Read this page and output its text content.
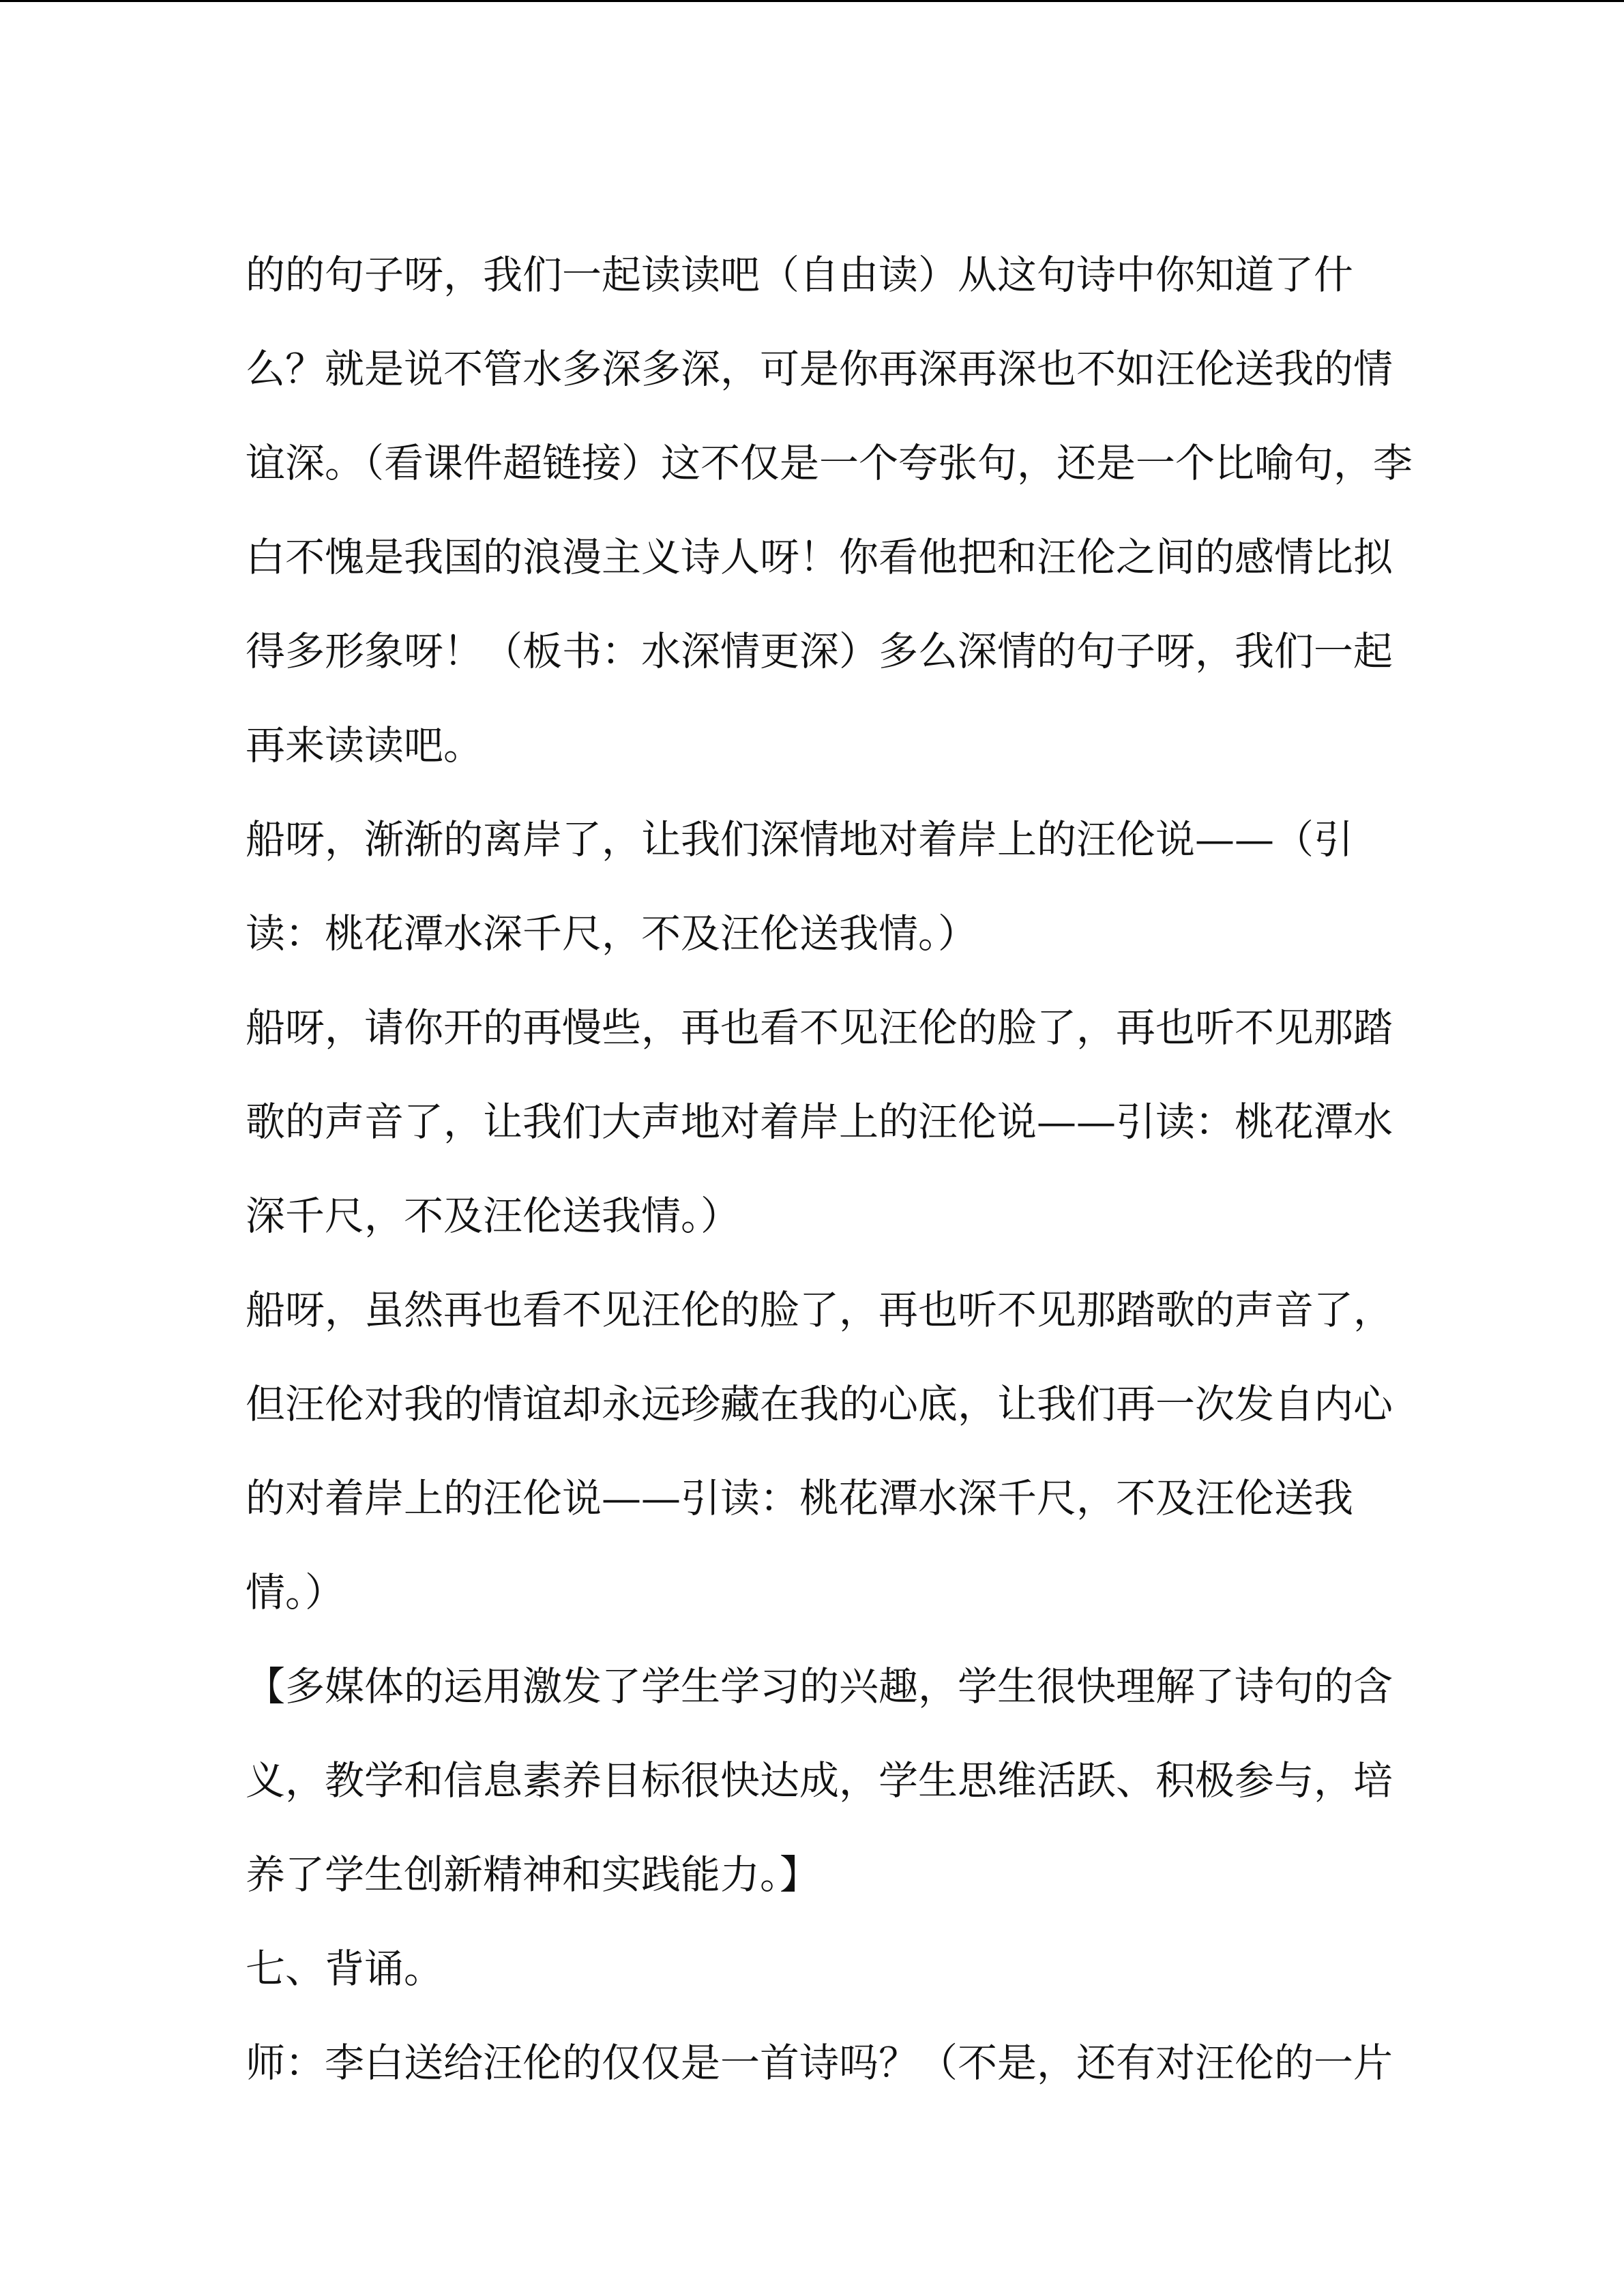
的的句子呀，我们一起读读吧（自由读）从这句诗中你知道了什
么？就是说不管水多深多深，可是你再深再深也不如汪伦送我的情
谊深。（看课件超链接）这不仅是一个夸张句，还是一个比喻句，李
白不愧是我国的浪漫主义诗人呀！你看他把和汪伦之间的感情比拟
得多形象呀！（板书：水深情更深）多么深情的句子呀，我们一起
再来读读吧。
船呀，渐渐的离岸了，让我们深情地对着岸上的汪伦说——（引
读：桃花潭水深千尺，不及汪伦送我情。）
船呀，请你开的再慢些，再也看不见汪伦的脸了，再也听不见那踏
歌的声音了，让我们大声地对着岸上的汪伦说——引读：桃花潭水
深千尺，不及汪伦送我情。）
船呀，虽然再也看不见汪伦的脸了，再也听不见那踏歌的声音了，
但汪伦对我的情谊却永远珍藏在我的心底，让我们再一次发自内心
的对着岸上的汪伦说——引读：桃花潭水深千尺，不及汪伦送我
情。）
【多媒体的运用激发了学生学习的兴趣，学生很快理解了诗句的含
义，教学和信息素养目标很快达成，学生思维活跃、积极参与，培
养了学生创新精神和实践能力。】
七、背诵。
师：李白送给汪伦的仅仅是一首诗吗？（不是，还有对汪伦的一片
